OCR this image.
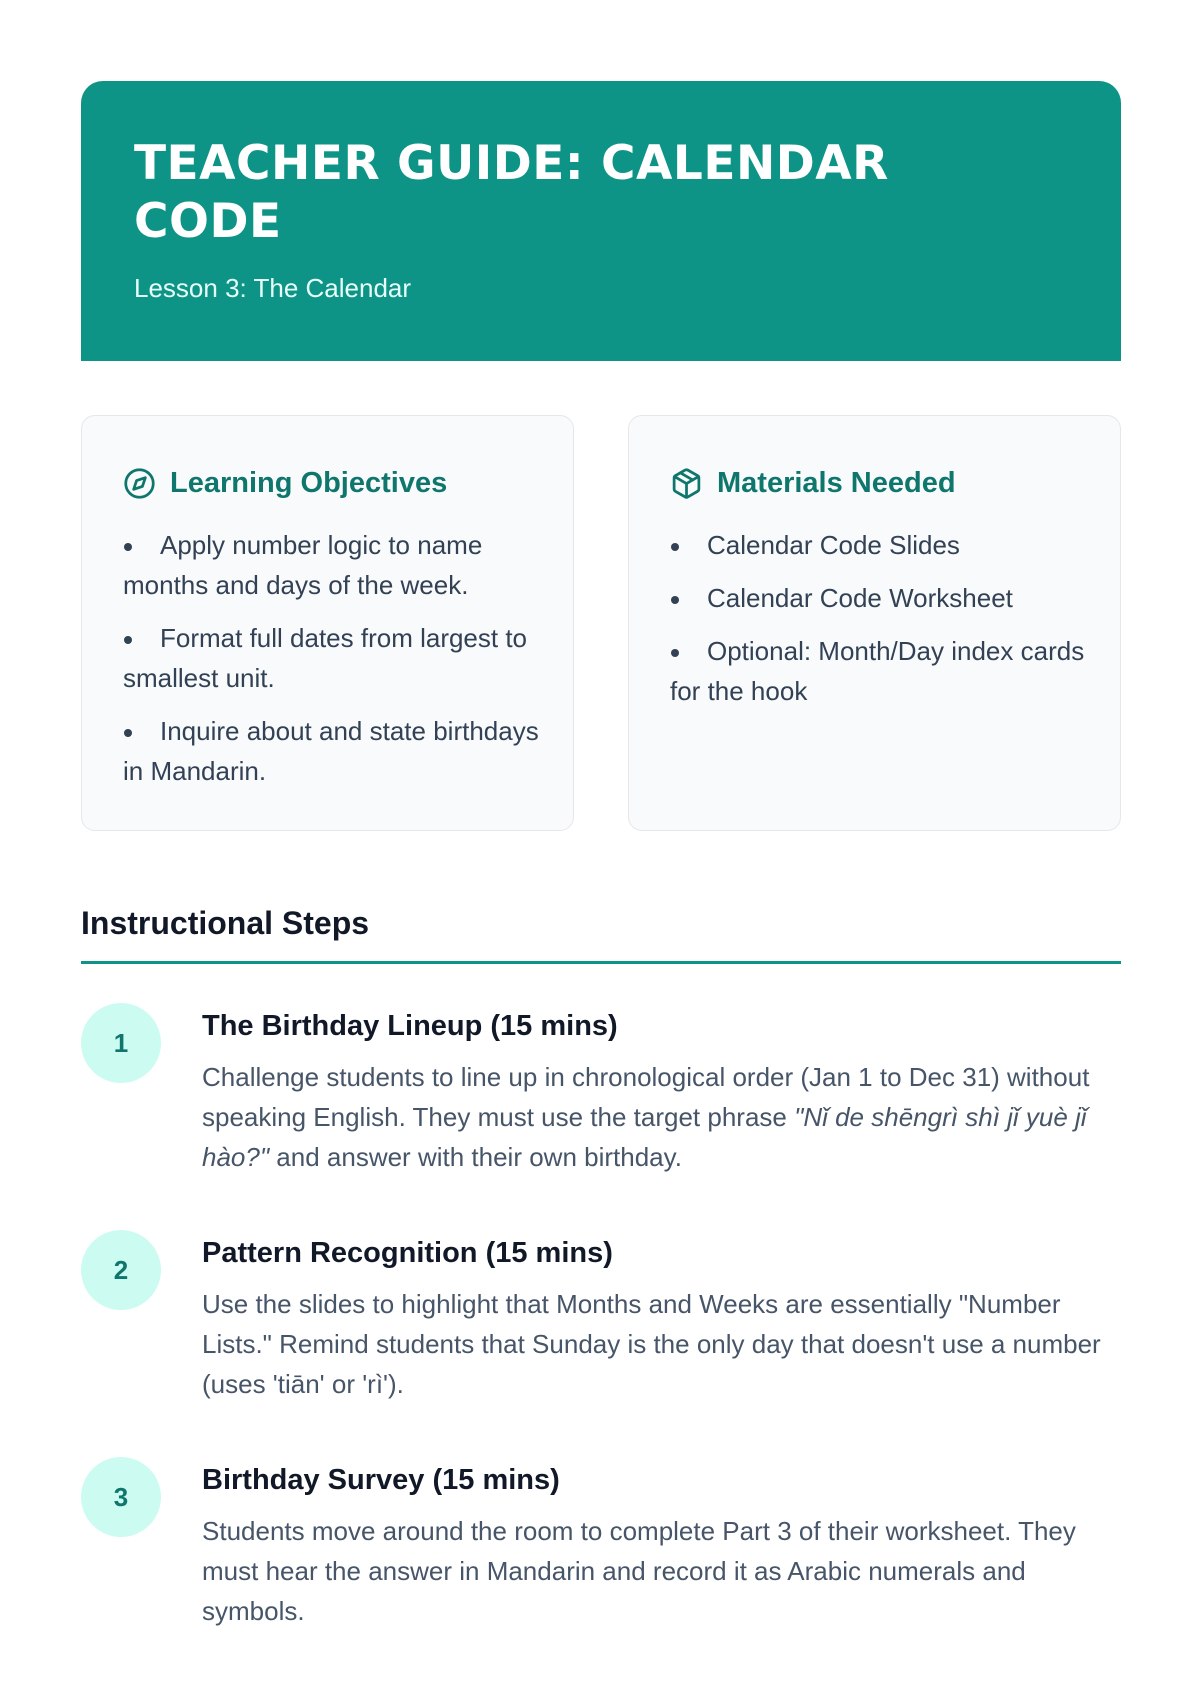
TEACHER GUIDE: CALENDAR CODE
Lesson 3: The Calendar
Learning Objectives
Apply number logic to name months and days of the week.
Format full dates from largest to smallest unit.
Inquire about and state birthdays in Mandarin.
Materials Needed
Calendar Code Slides
Calendar Code Worksheet
Optional: Month/Day index cards for the hook
Instructional Steps
1
The Birthday Lineup (15 mins)

Challenge students to line up in chronological order (Jan 1 to Dec 31) without speaking English. They must use the target phrase "Nǐ de shēngrì shì jǐ yuè jǐ hào?" and answer with their own birthday.

2
Pattern Recognition (15 mins)

Use the slides to highlight that Months and Weeks are essentially "Number Lists." Remind students that Sunday is the only day that doesn't use a number (uses 'tiān' or 'rì').

3
Birthday Survey (15 mins)

Students move around the room to complete Part 3 of their worksheet. They must hear the answer in Mandarin and record it as Arabic numerals and symbols.
